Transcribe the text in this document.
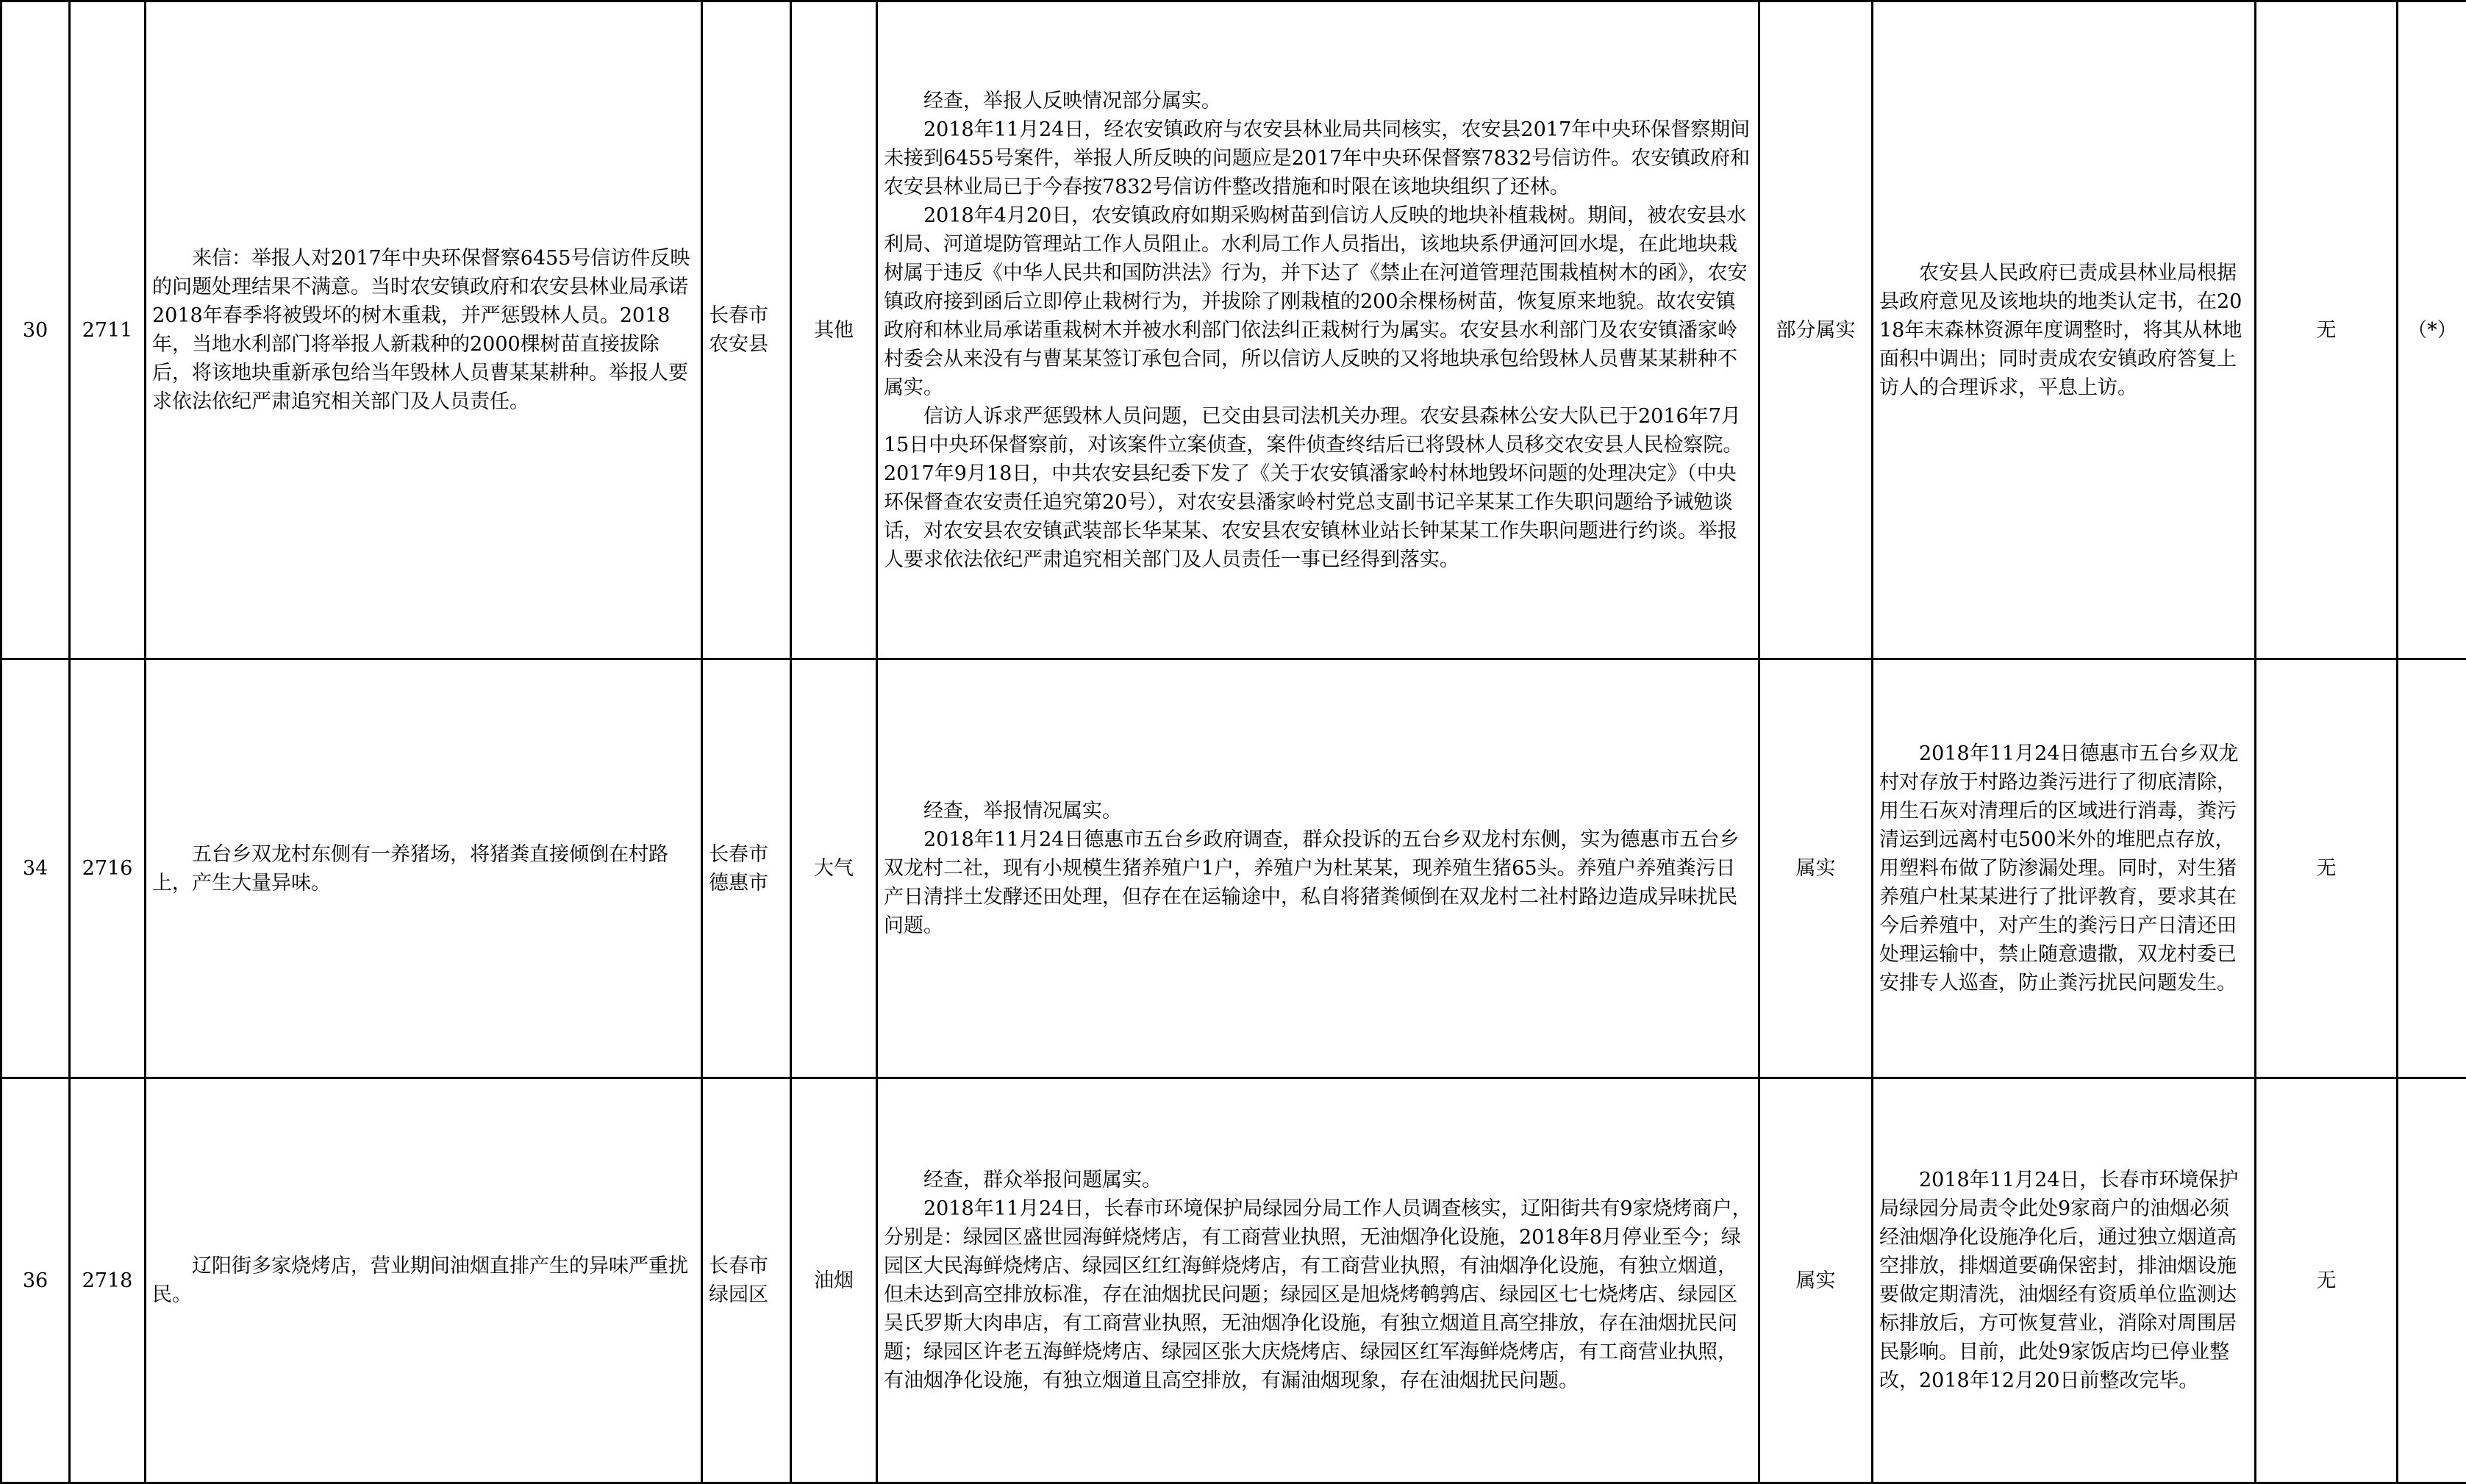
30	2711	来信：举报人对2017年中央环保督察6455号信访件反映的问题处理结果不满意。当时农安镇政府和农安县林业局承诺2018年春季将被毁坏的树木重栽，并严惩毁林人员。2018年，当地水利部门将举报人新栽种的2000棵树苗直接拔除后，将该地块重新承包给当年毁林人员曹某某耕种。举报人要求依法依纪严肃追究相关部门及人员责任。	长春市农安县	其他	经查，举报人反映情况部分属实。

2018年11月24日，经农安镇政府与农安县林业局共同核实，农安县2017年中央环保督察期间未接到6455号案件，举报人所反映的问题应是2017年中央环保督察7832号信访件。农安镇政府和农安县林业局已于今春按7832号信访件整改措施和时限在该地块组织了还林。

2018年4月20日，农安镇政府如期采购树苗到信访人反映的地块补植栽树。期间，被农安县水利局、河道堤防管理站工作人员阻止。水利局工作人员指出，该地块系伊通河回水堤，在此地块栽树属于违反《中华人民共和国防洪法》行为，并下达了《禁止在河道管理范围栽植树木的函》，农安镇政府接到函后立即停止栽树行为，并拔除了刚栽植的200余棵杨树苗，恢复原来地貌。故农安镇政府和林业局承诺重栽树木并被水利部门依法纠正栽树行为属实。农安县水利部门及农安镇潘家岭村委会从来没有与曹某某签订承包合同，所以信访人反映的又将地块承包给毁林人员曹某某耕种不属实。

信访人诉求严惩毁林人员问题，已交由县司法机关办理。农安县森林公安大队已于2016年7月15日中央环保督察前，对该案件立案侦查，案件侦查终结后已将毁林人员移交农安县人民检察院。2017年9月18日，中共农安县纪委下发了《关于农安镇潘家岭村林地毁坏问题的处理决定》（中央环保督查农安责任追究第20号），对农安县潘家岭村党总支副书记辛某某工作失职问题给予诫勉谈话，对农安县农安镇武装部长华某某、农安县农安镇林业站长钟某某工作失职问题进行约谈。举报人要求依法依纪严肃追究相关部门及人员责任一事已经得到落实。	部分属实	农安县人民政府已责成县林业局根据县政府意见及该地块的地类认定书，在2018年末森林资源年度调整时，将其从林地面积中调出；同时责成农安镇政府答复上访人的合理诉求，平息上访。	无	（*）
34	2716	五台乡双龙村东侧有一养猪场，将猪粪直接倾倒在村路上，产生大量异味。	长春市德惠市	大气	经查，举报情况属实。

2018年11月24日德惠市五台乡政府调查，群众投诉的五台乡双龙村东侧，实为德惠市五台乡双龙村二社，现有小规模生猪养殖户1户，养殖户为杜某某，现养殖生猪65头。养殖户养殖粪污日产日清拌土发酵还田处理，但存在在运输途中，私自将猪粪倾倒在双龙村二社村路边造成异味扰民问题。	属实	2018年11月24日德惠市五台乡双龙村对存放于村路边粪污进行了彻底清除，用生石灰对清理后的区域进行消毒，粪污清运到远离村屯500米外的堆肥点存放，用塑料布做了防渗漏处理。同时，对生猪养殖户杜某某进行了批评教育，要求其在今后养殖中，对产生的粪污日产日清还田处理运输中，禁止随意遗撒，双龙村委已安排专人巡查，防止粪污扰民问题发生。	无	
36	2718	辽阳街多家烧烤店，营业期间油烟直排产生的异味严重扰民。	长春市绿园区	油烟	经查，群众举报问题属实。

2018年11月24日，长春市环境保护局绿园分局工作人员调查核实，辽阳街共有9家烧烤商户，分别是：绿园区盛世园海鲜烧烤店，有工商营业执照，无油烟净化设施，2018年8月停业至今；绿园区大民海鲜烧烤店、绿园区红红海鲜烧烤店，有工商营业执照，有油烟净化设施，有独立烟道，但未达到高空排放标准，存在油烟扰民问题；绿园区是旭烧烤鹌鹑店、绿园区七七烧烤店、绿园区吴氏罗斯大肉串店，有工商营业执照，无油烟净化设施，有独立烟道且高空排放，存在油烟扰民问题；绿园区许老五海鲜烧烤店、绿园区张大庆烧烤店、绿园区红军海鲜烧烤店，有工商营业执照，有油烟净化设施，有独立烟道且高空排放，有漏油烟现象，存在油烟扰民问题。	属实	2018年11月24日，长春市环境保护局绿园分局责令此处9家商户的油烟必须经油烟净化设施净化后，通过独立烟道高空排放，排烟道要确保密封，排油烟设施要做定期清洗，油烟经有资质单位监测达标排放后，方可恢复营业，消除对周围居民影响。目前，此处9家饭店均已停业整改，2018年12月20日前整改完毕。	无	
